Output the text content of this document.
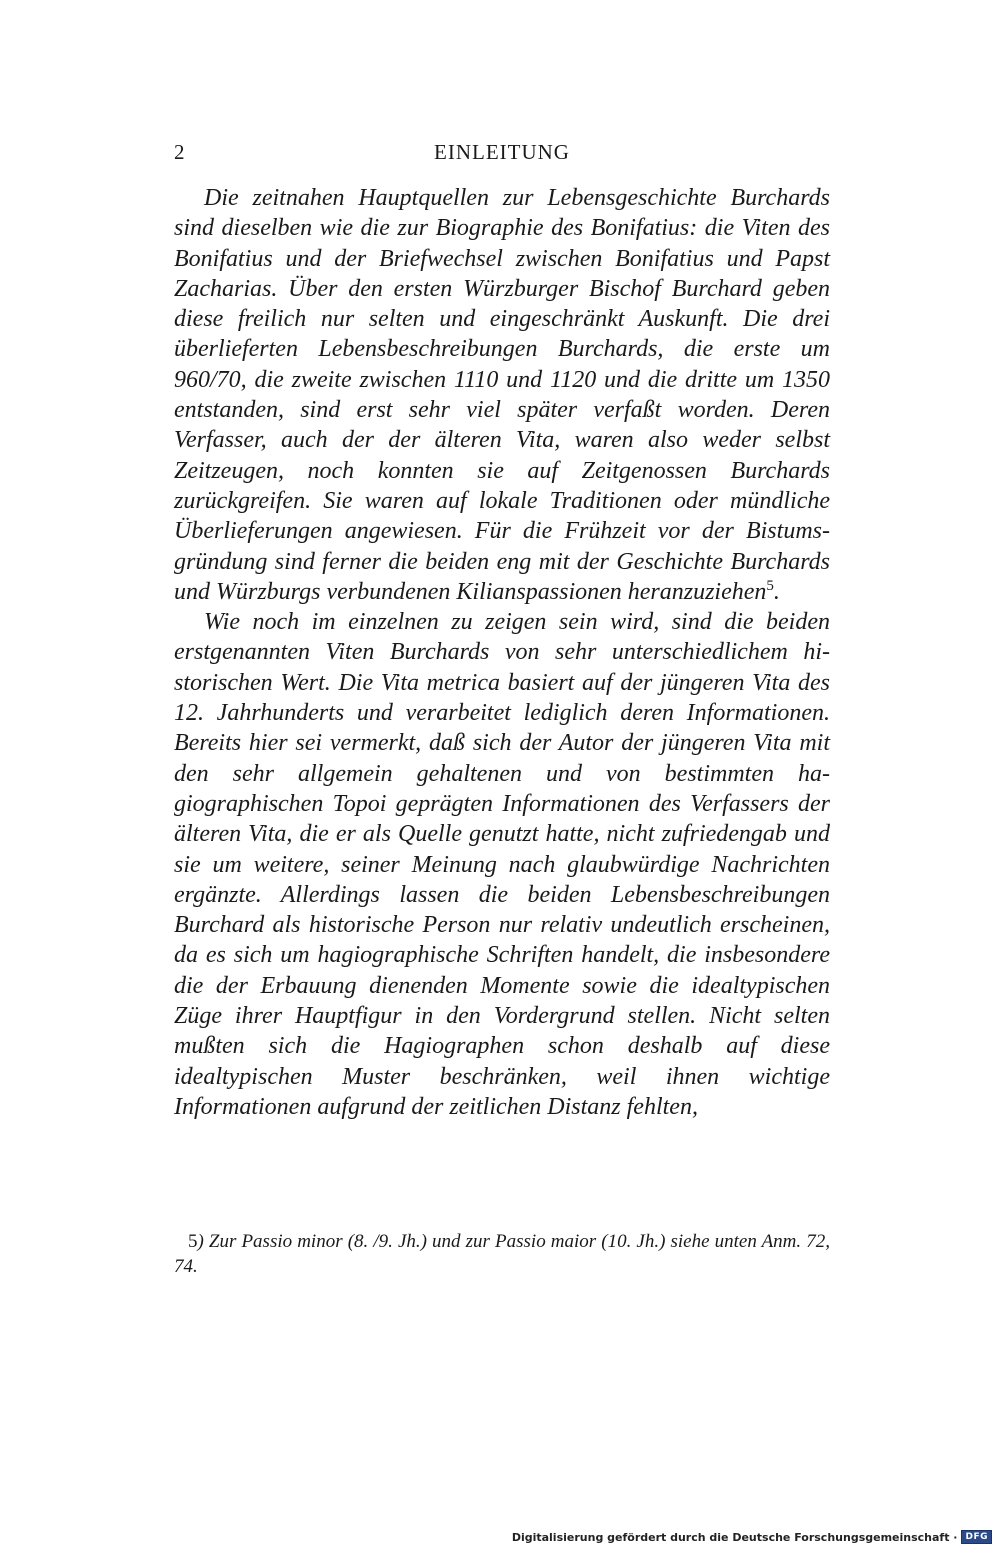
2	EINLEITUNG

Die zeitnahen Hauptquellen zur Lebensgeschichte Burchards sind dieselben wie die zur Biographie des Bonifatius: die Viten des Bonifatius und der Briefwechsel zwischen Bonifatius und Papst Zacharias. Über den ersten Würzburger Bischof Burchard geben diese freilich nur selten und eingeschränkt Auskunft. Die drei überlieferten Lebensbeschreibungen Burchards, die erste um 960/70, die zweite zwischen 1110 und 1120 und die dritte um 1350 entstanden, sind erst sehr viel später verfaßt worden. Deren Verfasser, auch der der älteren Vita, waren also weder selbst Zeitzeugen, noch konnten sie auf Zeitgenossen Burchards zurückgreifen. Sie waren auf lokale Traditionen oder mündliche Überlieferungen angewiesen. Für die Frühzeit vor der Bistumsgründung sind ferner die beiden eng mit der Geschichte Burchards und Würzburgs verbundenen Kilianspassionen heranzuziehen$^5$.

Wie noch im einzelnen zu zeigen sein wird, sind die beiden erstgenannten Viten Burchards von sehr unterschiedlichem historischen Wert. Die Vita metrica basiert auf der jüngeren Vita des 12. Jahrhunderts und verarbeitet lediglich deren Informationen. Bereits hier sei vermerkt, daß sich der Autor der jüngeren Vita mit den sehr allgemein gehaltenen und von bestimmten hagiographischen Topoi geprägten Informationen des Verfassers der älteren Vita, die er als Quelle genutzt hatte, nicht zufriedengab und sie um weitere, seiner Meinung nach glaubwürdige Nachrichten ergänzte. Allerdings lassen die beiden Lebensbeschreibungen Burchard als historische Person nur relativ undeutlich erscheinen, da es sich um hagiographische Schriften handelt, die insbesondere die der Erbauung dienenden Momente sowie die idealtypischen Züge ihrer Hauptfigur in den Vordergrund stellen. Nicht selten mußten sich die Hagiographen schon deshalb auf diese idealtypischen Muster beschränken, weil ihnen wichtige Informationen aufgrund der zeitlichen Distanz fehlten,

5) Zur Passio minor (8. /9. Jh.) und zur Passio maior (10. Jh.) siehe unten Anm. 72, 74.
Digitalisierung gefördert durch die Deutsche Forschungsgemeinschaft · DFG
